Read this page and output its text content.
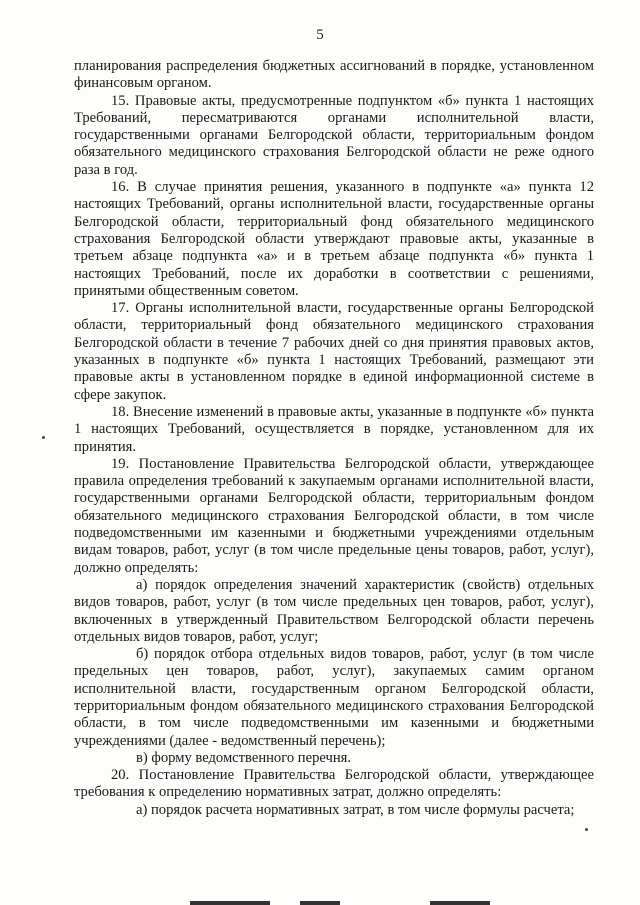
5

планирования распределения бюджетных ассигнований в порядке, установленном финансовым органом.

15. Правовые акты, предусмотренные подпунктом «б» пункта 1 настоящих Требований, пересматриваются органами исполнительной власти, государственными органами Белгородской области, территориальным фондом обязательного медицинского страхования Белгородской области не реже одного раза в год.

16. В случае принятия решения, указанного в подпункте «а» пункта 12 настоящих Требований, органы исполнительной власти, государственные органы Белгородской области, территориальный фонд обязательного медицинского страхования Белгородской области утверждают правовые акты, указанные в третьем абзаце подпункта «а» и в третьем абзаце подпункта «б» пункта 1 настоящих Требований, после их доработки в соответствии с решениями, принятыми общественным советом.

17. Органы исполнительной власти, государственные органы Белгородской области, территориальный фонд обязательного медицинского страхования Белгородской области в течение 7 рабочих дней со дня принятия правовых актов, указанных в подпункте «б» пункта 1 настоящих Требований, размещают эти правовые акты в установленном порядке в единой информационной системе в сфере закупок.

18. Внесение изменений в правовые акты, указанные в подпункте «б» пункта 1 настоящих Требований, осуществляется в порядке, установленном для их принятия.

19. Постановление Правительства Белгородской области, утверждающее правила определения требований к закупаемым органами исполнительной власти, государственными органами Белгородской области, территориальным фондом обязательного медицинского страхования Белгородской области, в том числе подведомственными им казенными и бюджетными учреждениями отдельным видам товаров, работ, услуг (в том числе предельные цены товаров, работ, услуг), должно определять:

а) порядок определения значений характеристик (свойств) отдельных видов товаров, работ, услуг (в том числе предельных цен товаров, работ, услуг), включенных в утвержденный Правительством Белгородской области перечень отдельных видов товаров, работ, услуг;

б) порядок отбора отдельных видов товаров, работ, услуг (в том числе предельных цен товаров, работ, услуг), закупаемых самим органом исполнительной власти, государственным органом Белгородской области, территориальным фондом обязательного медицинского страхования Белгородской области, в том числе подведомственными им казенными и бюджетными учреждениями (далее - ведомственный перечень);

в) форму ведомственного перечня.

20. Постановление Правительства Белгородской области, утверждающее требования к определению нормативных затрат, должно определять:

а) порядок расчета нормативных затрат, в том числе формулы расчета;
